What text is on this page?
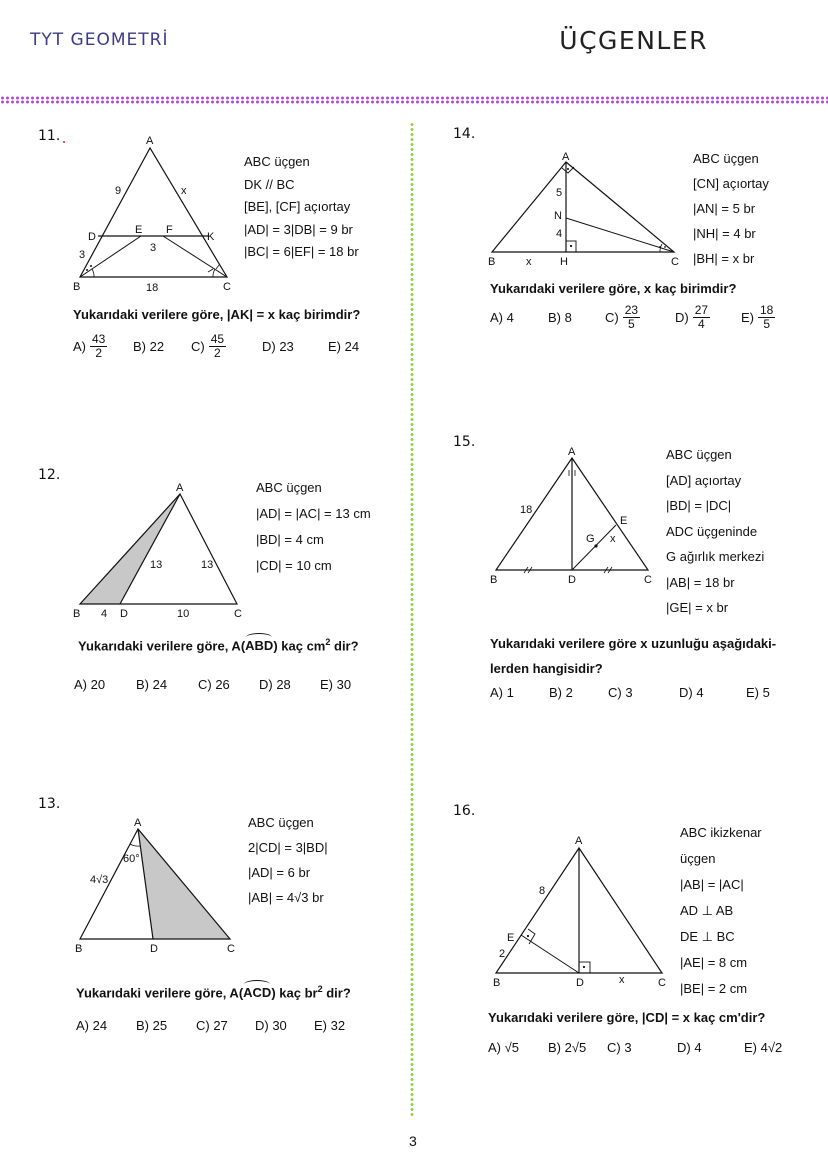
TYT GEOMETRİ	ÜÇGENLER
11.	A
B	C
D
E F
K
9	x
3
3
18
ABC üçgen
DK // BC
[BE], [CF] açıortay
|AD| = 3|DB| = 9 br
|BC| = 6|EF| = 18 br
Yukarıdaki verilere göre, |AK| = x kaç birimdir?
$A) \frac{43}{2} B$) 22	$C) \frac{45}{2}$	D) 23	E) 24
12.
A
B	C
D
13	13
4	10
ABC üçgen
|AD| = |AC| = 13 cm
|BD| = 4 cm
|CD| = 10 cm
Yukarıdaki verilere göre, A(
ABD) kaç $cm^2$ dir?
A) 20	B) 24	C) 26	D) 28	E) 30
13.
A
B	C
D
60°
4√3
ABC üçgen
2|CD| = 3|BD|
|AD| = 6 br
|AB| = 4√3 br
Yukarıdaki verilere göre, A(
ACD) kaç $br^2$ dir?
A) 24	B) 25	C) 27	D) 30	E) 32
14.
A
B	C
H
N
5
4
x
ABC üçgen
[CN] açıortay
|AN| = 5 br
|NH| = 4 br
|BH| = x br
Yukarıdaki verilere göre, x kaç birimdir?
A) 4	B) 8	$C) \frac{23}{5}$	$D) \frac{27}{4} E) \frac{18}{5}$
15.
A
B	C
D
E
G
18
x
ABC üçgen
[AD] açıortay
|BD| = |DC|
ADC üçgeninde
G ağırlık merkezi
|AB| = 18 br
|GE| = x br
Yukarıdaki verilere göre x uzunluğu aşağıdaki-
lerden hangisidir?
A) 1	B) 2	C) 3	D) 4	E) 5
16.
A
B	C
D
E
8
2
x
ABC ikizkenar
üçgen
|AB| = |AC|
AD ⊥ AB
DE ⊥ BC
|AE| = 8 cm
|BE| = 2 cm
Yukarıdaki verilere göre, |CD| = x kaç cm'dir?
A) √5	B) 2√5	C) 3	D) 4	E) 4√2
3
